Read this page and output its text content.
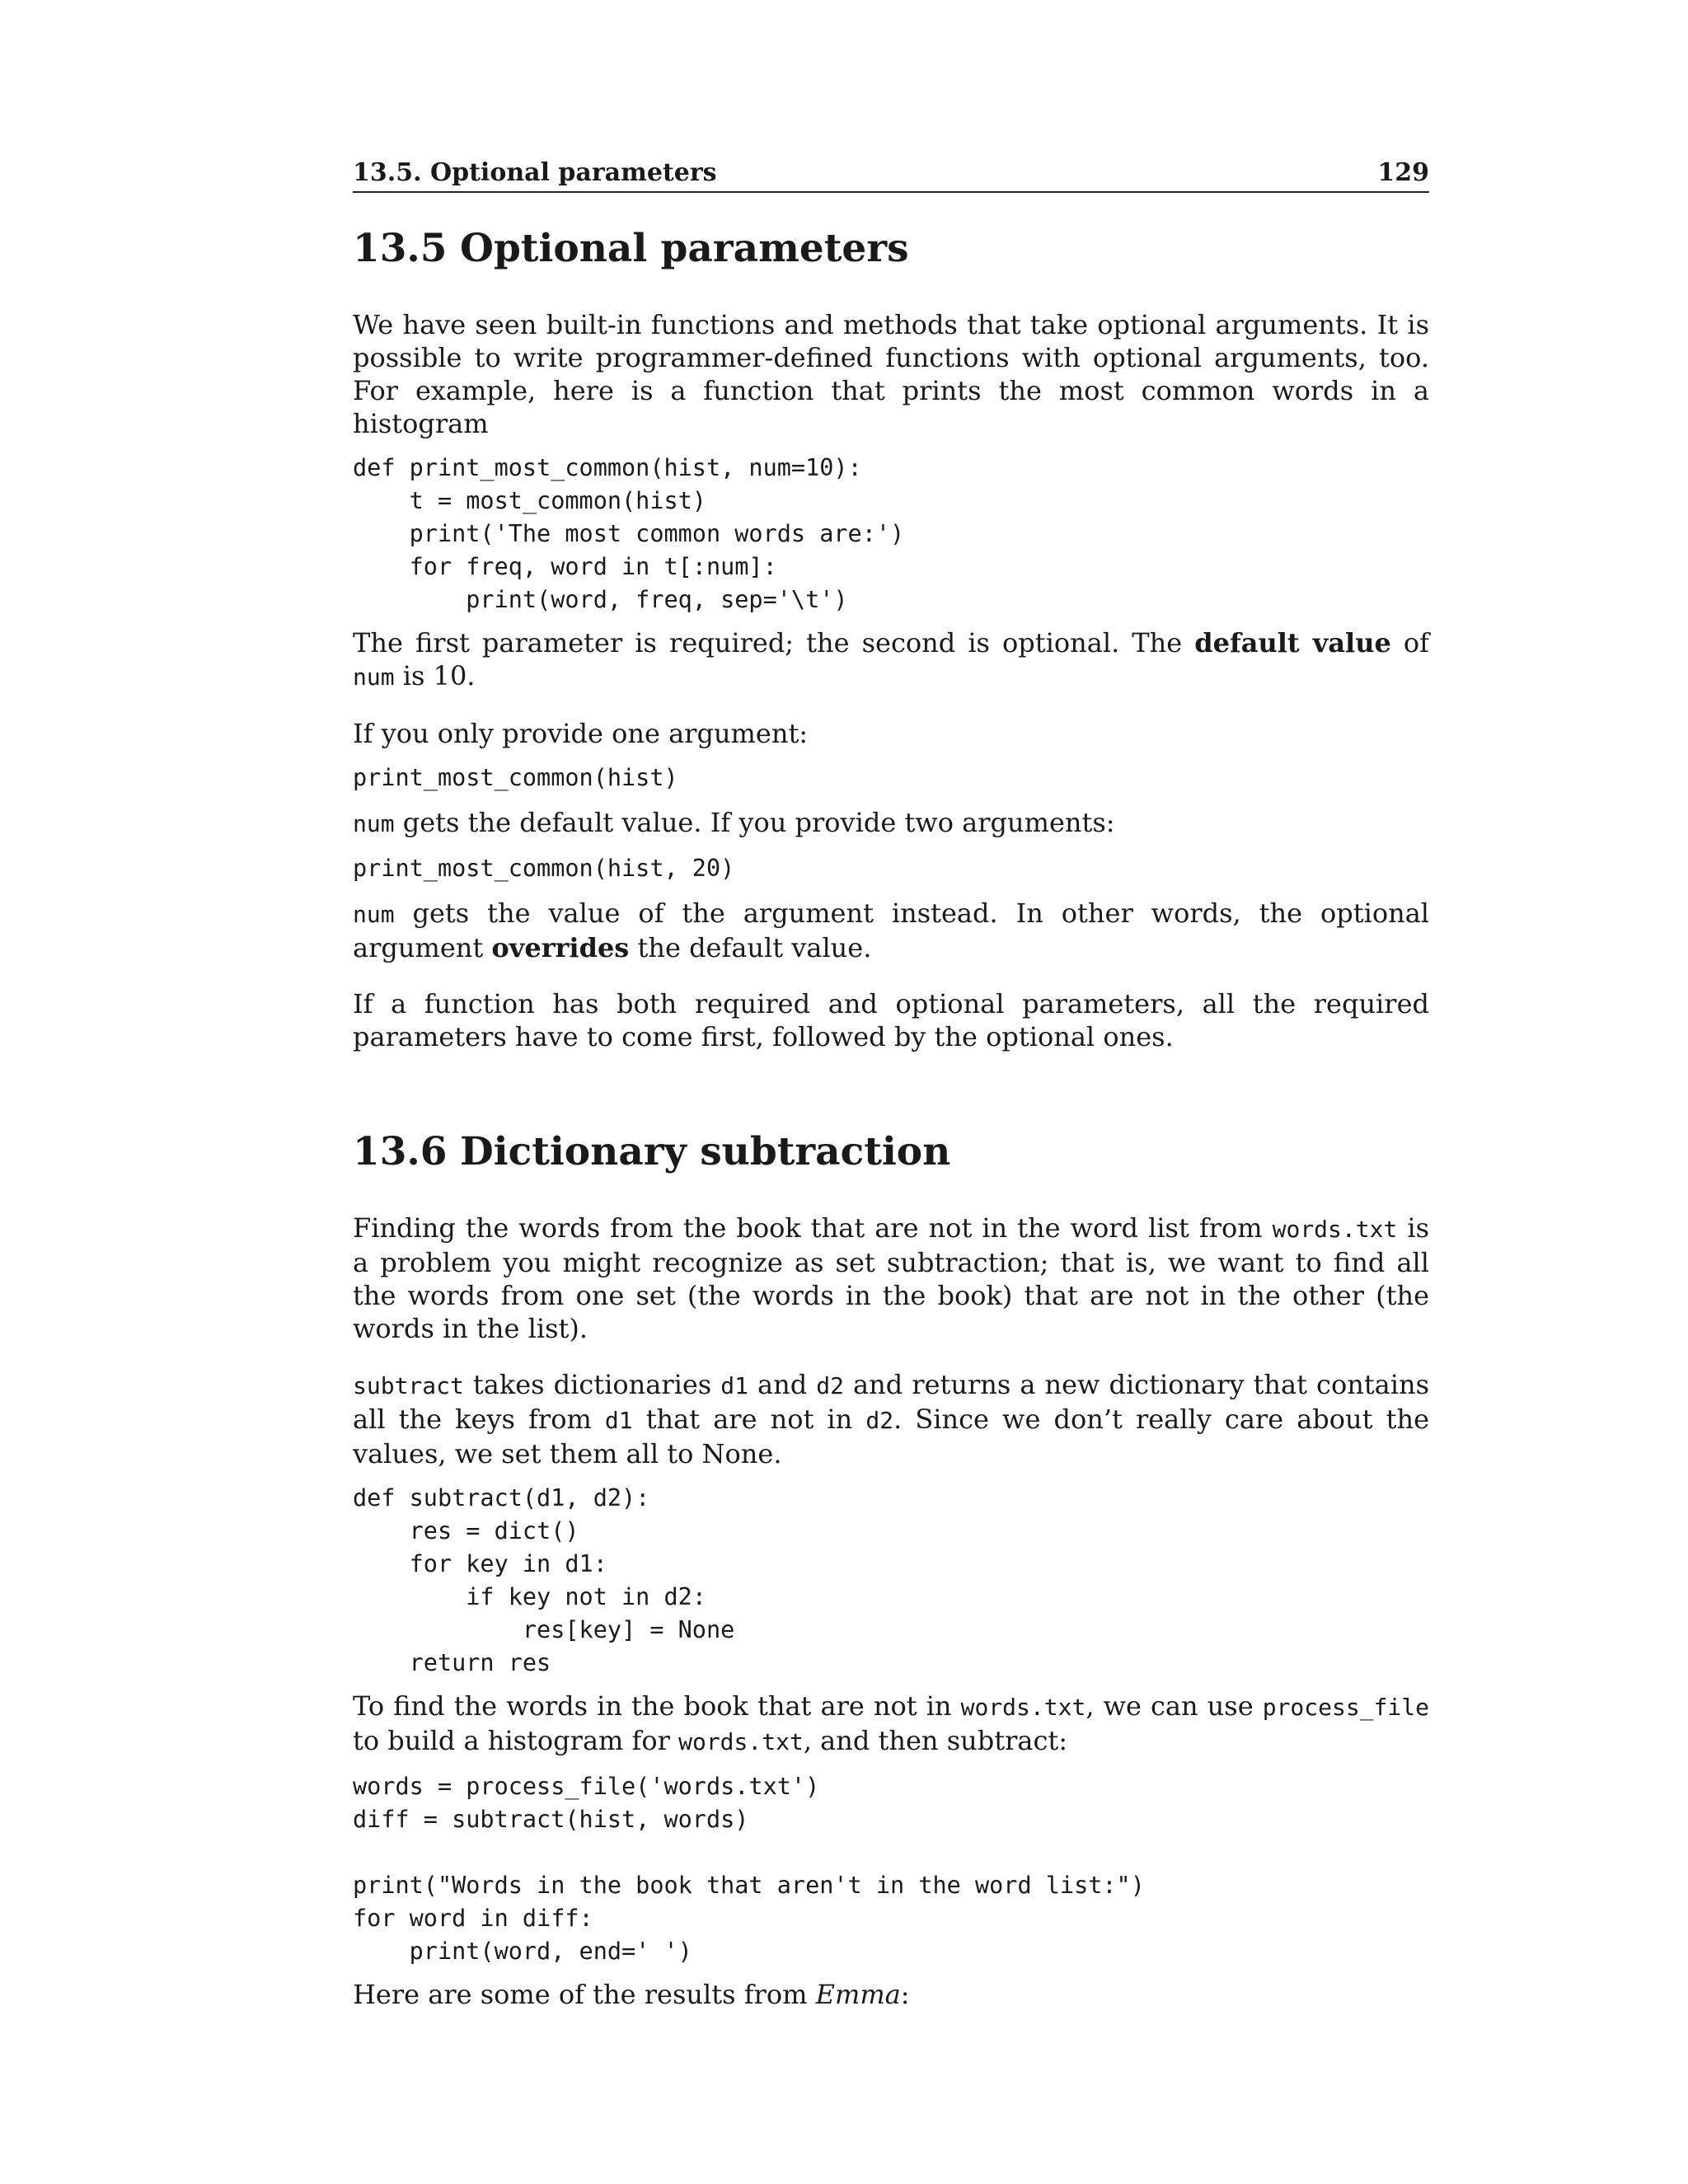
13.5. Optional parameters	129
13.5 Optional parameters

We have seen built-in functions and methods that take optional arguments. It is possible to write programmer-defined functions with optional arguments, too. For example, here is a function that prints the most common words in a histogram

def print_most_common(hist, num=10):
t = most_common(hist)
print('The most common words are:')
for freq, word in t[:num]:
print(word, freq, sep='\t')

The first parameter is required; the second is optional. The default value of num is 10.

If you only provide one argument:

print_most_common(hist)

num gets the default value. If you provide two arguments:

print_most_common(hist, 20)

num gets the value of the argument instead. In other words, the optional argument overrides the default value.

If a function has both required and optional parameters, all the required parameters have to come first, followed by the optional ones.

13.6 Dictionary subtraction

Finding the words from the book that are not in the word list from words.txt is a problem you might recognize as set subtraction; that is, we want to find all the words from one set (the words in the book) that are not in the other (the words in the list).

subtract takes dictionaries d1 and d2 and returns a new dictionary that contains all the keys from d1 that are not in d2. Since we don’t really care about the values, we set them all to None.

def subtract(d1, d2):
res = dict()
for key in d1:
if key not in d2:
res[key] = None
return res

To find the words in the book that are not in words.txt, we can use process_file to build a histogram for words.txt, and then subtract:

words = process_file('words.txt')
diff = subtract(hist, words)

print("Words in the book that aren't in the word list:")
for word in diff:
print(word, end=' ')

Here are some of the results from Emma:
